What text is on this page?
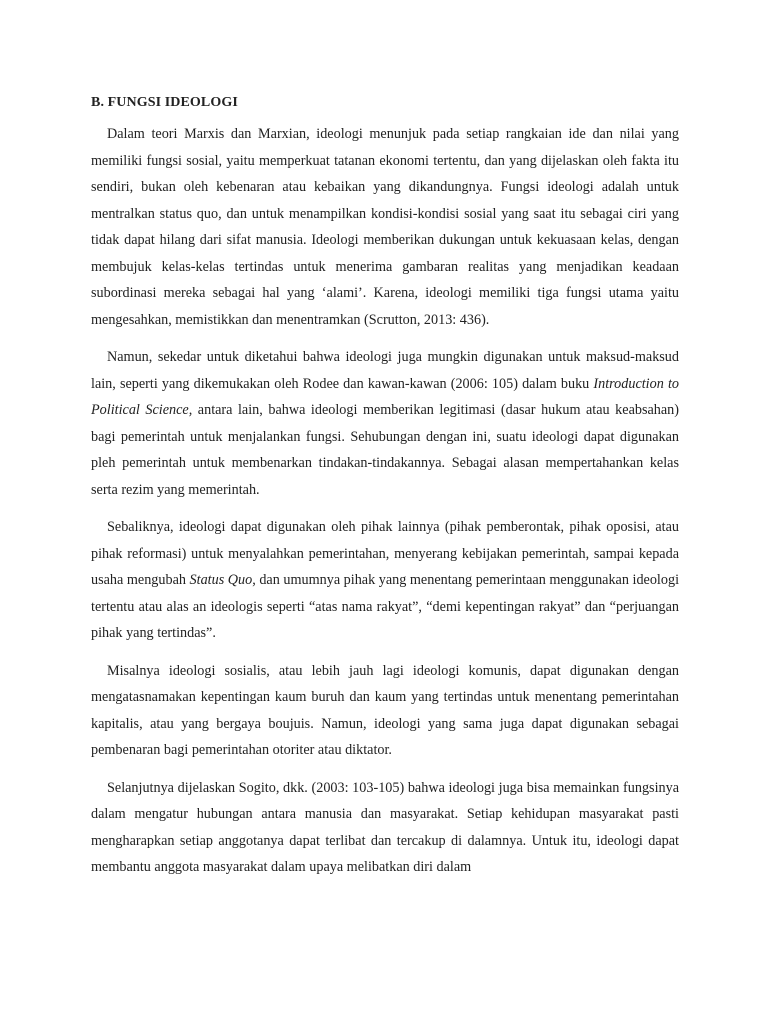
B. FUNGSI IDEOLOGI

Dalam teori Marxis dan Marxian, ideologi menunjuk pada setiap rangkaian ide dan nilai yang memiliki fungsi sosial, yaitu memperkuat tatanan ekonomi tertentu, dan yang dijelaskan oleh fakta itu sendiri, bukan oleh kebenaran atau kebaikan yang dikandungnya. Fungsi ideologi adalah untuk mentralkan status quo, dan untuk menampilkan kondisi-kondisi sosial yang saat itu sebagai ciri yang tidak dapat hilang dari sifat manusia. Ideologi memberikan dukungan untuk kekuasaan kelas, dengan membujuk kelas-kelas tertindas untuk menerima gambaran realitas yang menjadikan keadaan subordinasi mereka sebagai hal yang ‘alami’. Karena, ideologi memiliki tiga fungsi utama yaitu mengesahkan, memistikkan dan menentramkan (Scrutton, 2013: 436).

Namun, sekedar untuk diketahui bahwa ideologi juga mungkin digunakan untuk maksud-maksud lain, seperti yang dikemukakan oleh Rodee dan kawan-kawan (2006: 105) dalam buku Introduction to Political Science, antara lain, bahwa ideologi memberikan legitimasi (dasar hukum atau keabsahan) bagi pemerintah untuk menjalankan fungsi. Sehubungan dengan ini, suatu ideologi dapat digunakan pleh pemerintah untuk membenarkan tindakan-tindakannya. Sebagai alasan mempertahankan kelas serta rezim yang memerintah.

Sebaliknya, ideologi dapat digunakan oleh pihak lainnya (pihak pemberontak, pihak oposisi, atau pihak reformasi) untuk menyalahkan pemerintahan, menyerang kebijakan pemerintah, sampai kepada usaha mengubah Status Quo, dan umumnya pihak yang menentang pemerintaan menggunakan ideologi tertentu atau alas an ideologis seperti “atas nama rakyat”, “demi kepentingan rakyat” dan “perjuangan pihak yang tertindas”.

Misalnya ideologi sosialis, atau lebih jauh lagi ideologi komunis, dapat digunakan dengan mengatasnamakan kepentingan kaum buruh dan kaum yang tertindas untuk menentang pemerintahan kapitalis, atau yang bergaya boujuis. Namun, ideologi yang sama juga dapat digunakan sebagai pembenaran bagi pemerintahan otoriter atau diktator.

Selanjutnya dijelaskan Sogito, dkk. (2003: 103-105) bahwa ideologi juga bisa memainkan fungsinya dalam mengatur hubungan antara manusia dan masyarakat. Setiap kehidupan masyarakat pasti mengharapkan setiap anggotanya dapat terlibat dan tercakup di dalamnya. Untuk itu, ideologi dapat membantu anggota masyarakat dalam upaya melibatkan diri dalam
